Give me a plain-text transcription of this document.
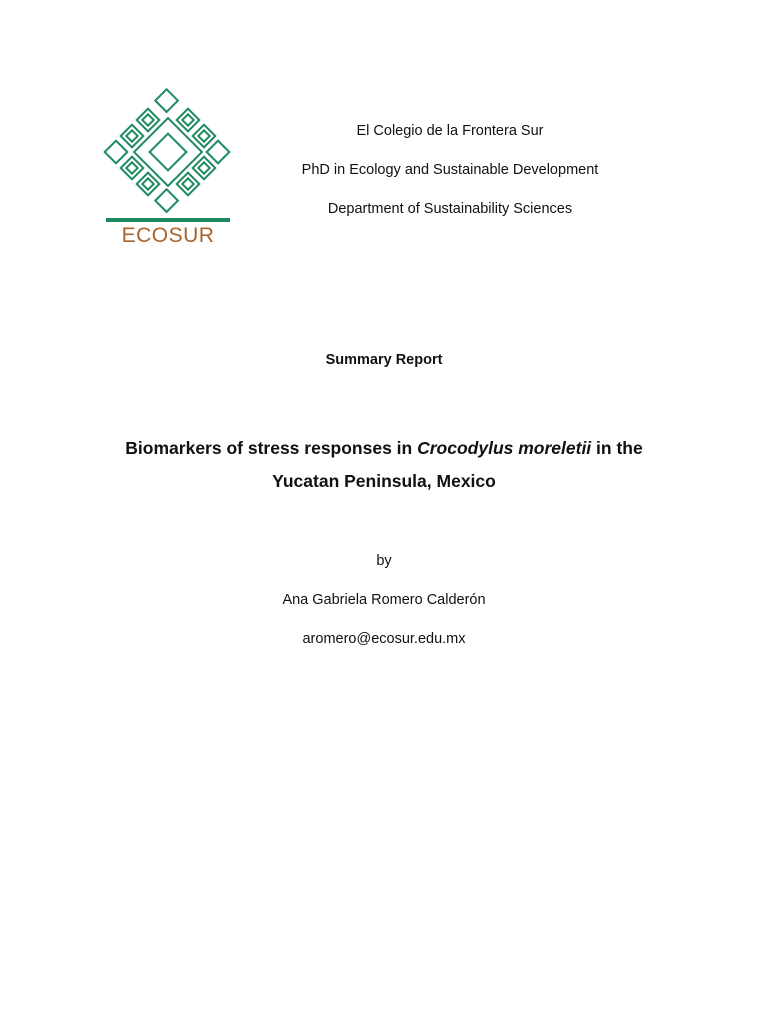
ECOSUR
El Colegio de la Frontera Sur
PhD in Ecology and Sustainable Development
Department of Sustainability Sciences
Summary Report
Biomarkers of stress responses in Crocodylus moreletii in the
Yucatan Peninsula, Mexico
by
Ana Gabriela Romero Calderón
aromero@ecosur.edu.mx
